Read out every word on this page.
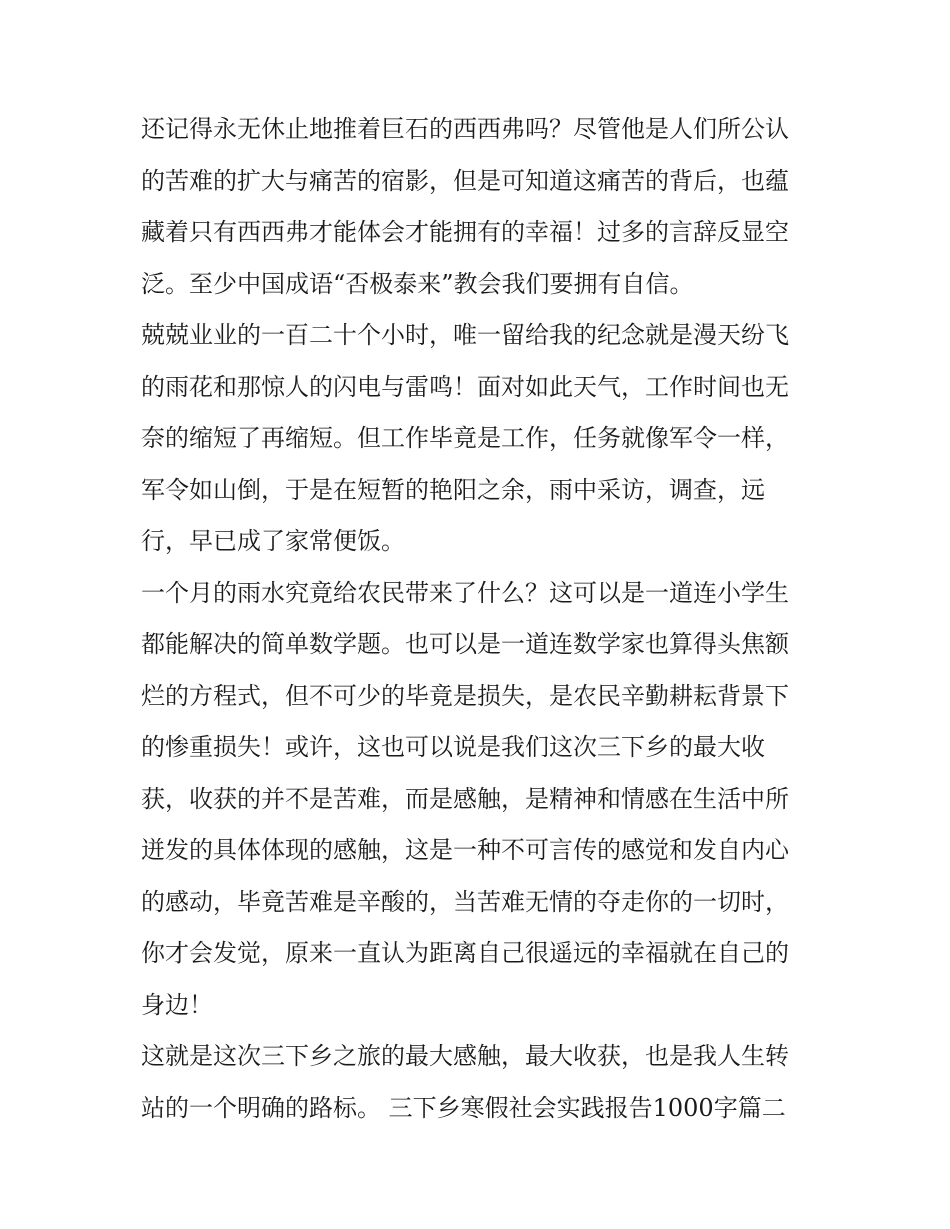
还记得永无休止地推着巨石的西西弗吗？尽管他是人们所公认
的苦难的扩大与痛苦的宿影，但是可知道这痛苦的背后，也蕴
藏着只有西西弗才能体会才能拥有的幸福！过多的言辞反显空
泛。至少中国成语“否极泰来”教会我们要拥有自信。
兢兢业业的一百二十个小时，唯一留给我的纪念就是漫天纷飞
的雨花和那惊人的闪电与雷鸣！面对如此天气，工作时间也无
奈的缩短了再缩短。但工作毕竟是工作，任务就像军令一样，
军令如山倒，于是在短暂的艳阳之余，雨中采访，调查，远
行，早已成了家常便饭。
一个月的雨水究竟给农民带来了什么？这可以是一道连小学生
都能解决的简单数学题。也可以是一道连数学家也算得头焦额
烂的方程式，但不可少的毕竟是损失，是农民辛勤耕耘背景下
的惨重损失！或许，这也可以说是我们这次三下乡的最大收
获，收获的并不是苦难，而是感触，是精神和情感在生活中所
迸发的具体体现的感触，这是一种不可言传的感觉和发自内心
的感动，毕竟苦难是辛酸的，当苦难无情的夺走你的一切时，
你才会发觉，原来一直认为距离自己很遥远的幸福就在自己的
身边！
这就是这次三下乡之旅的最大感触，最大收获，也是我人生转
站的一个明确的路标。 三下乡寒假社会实践报告1000字篇二
